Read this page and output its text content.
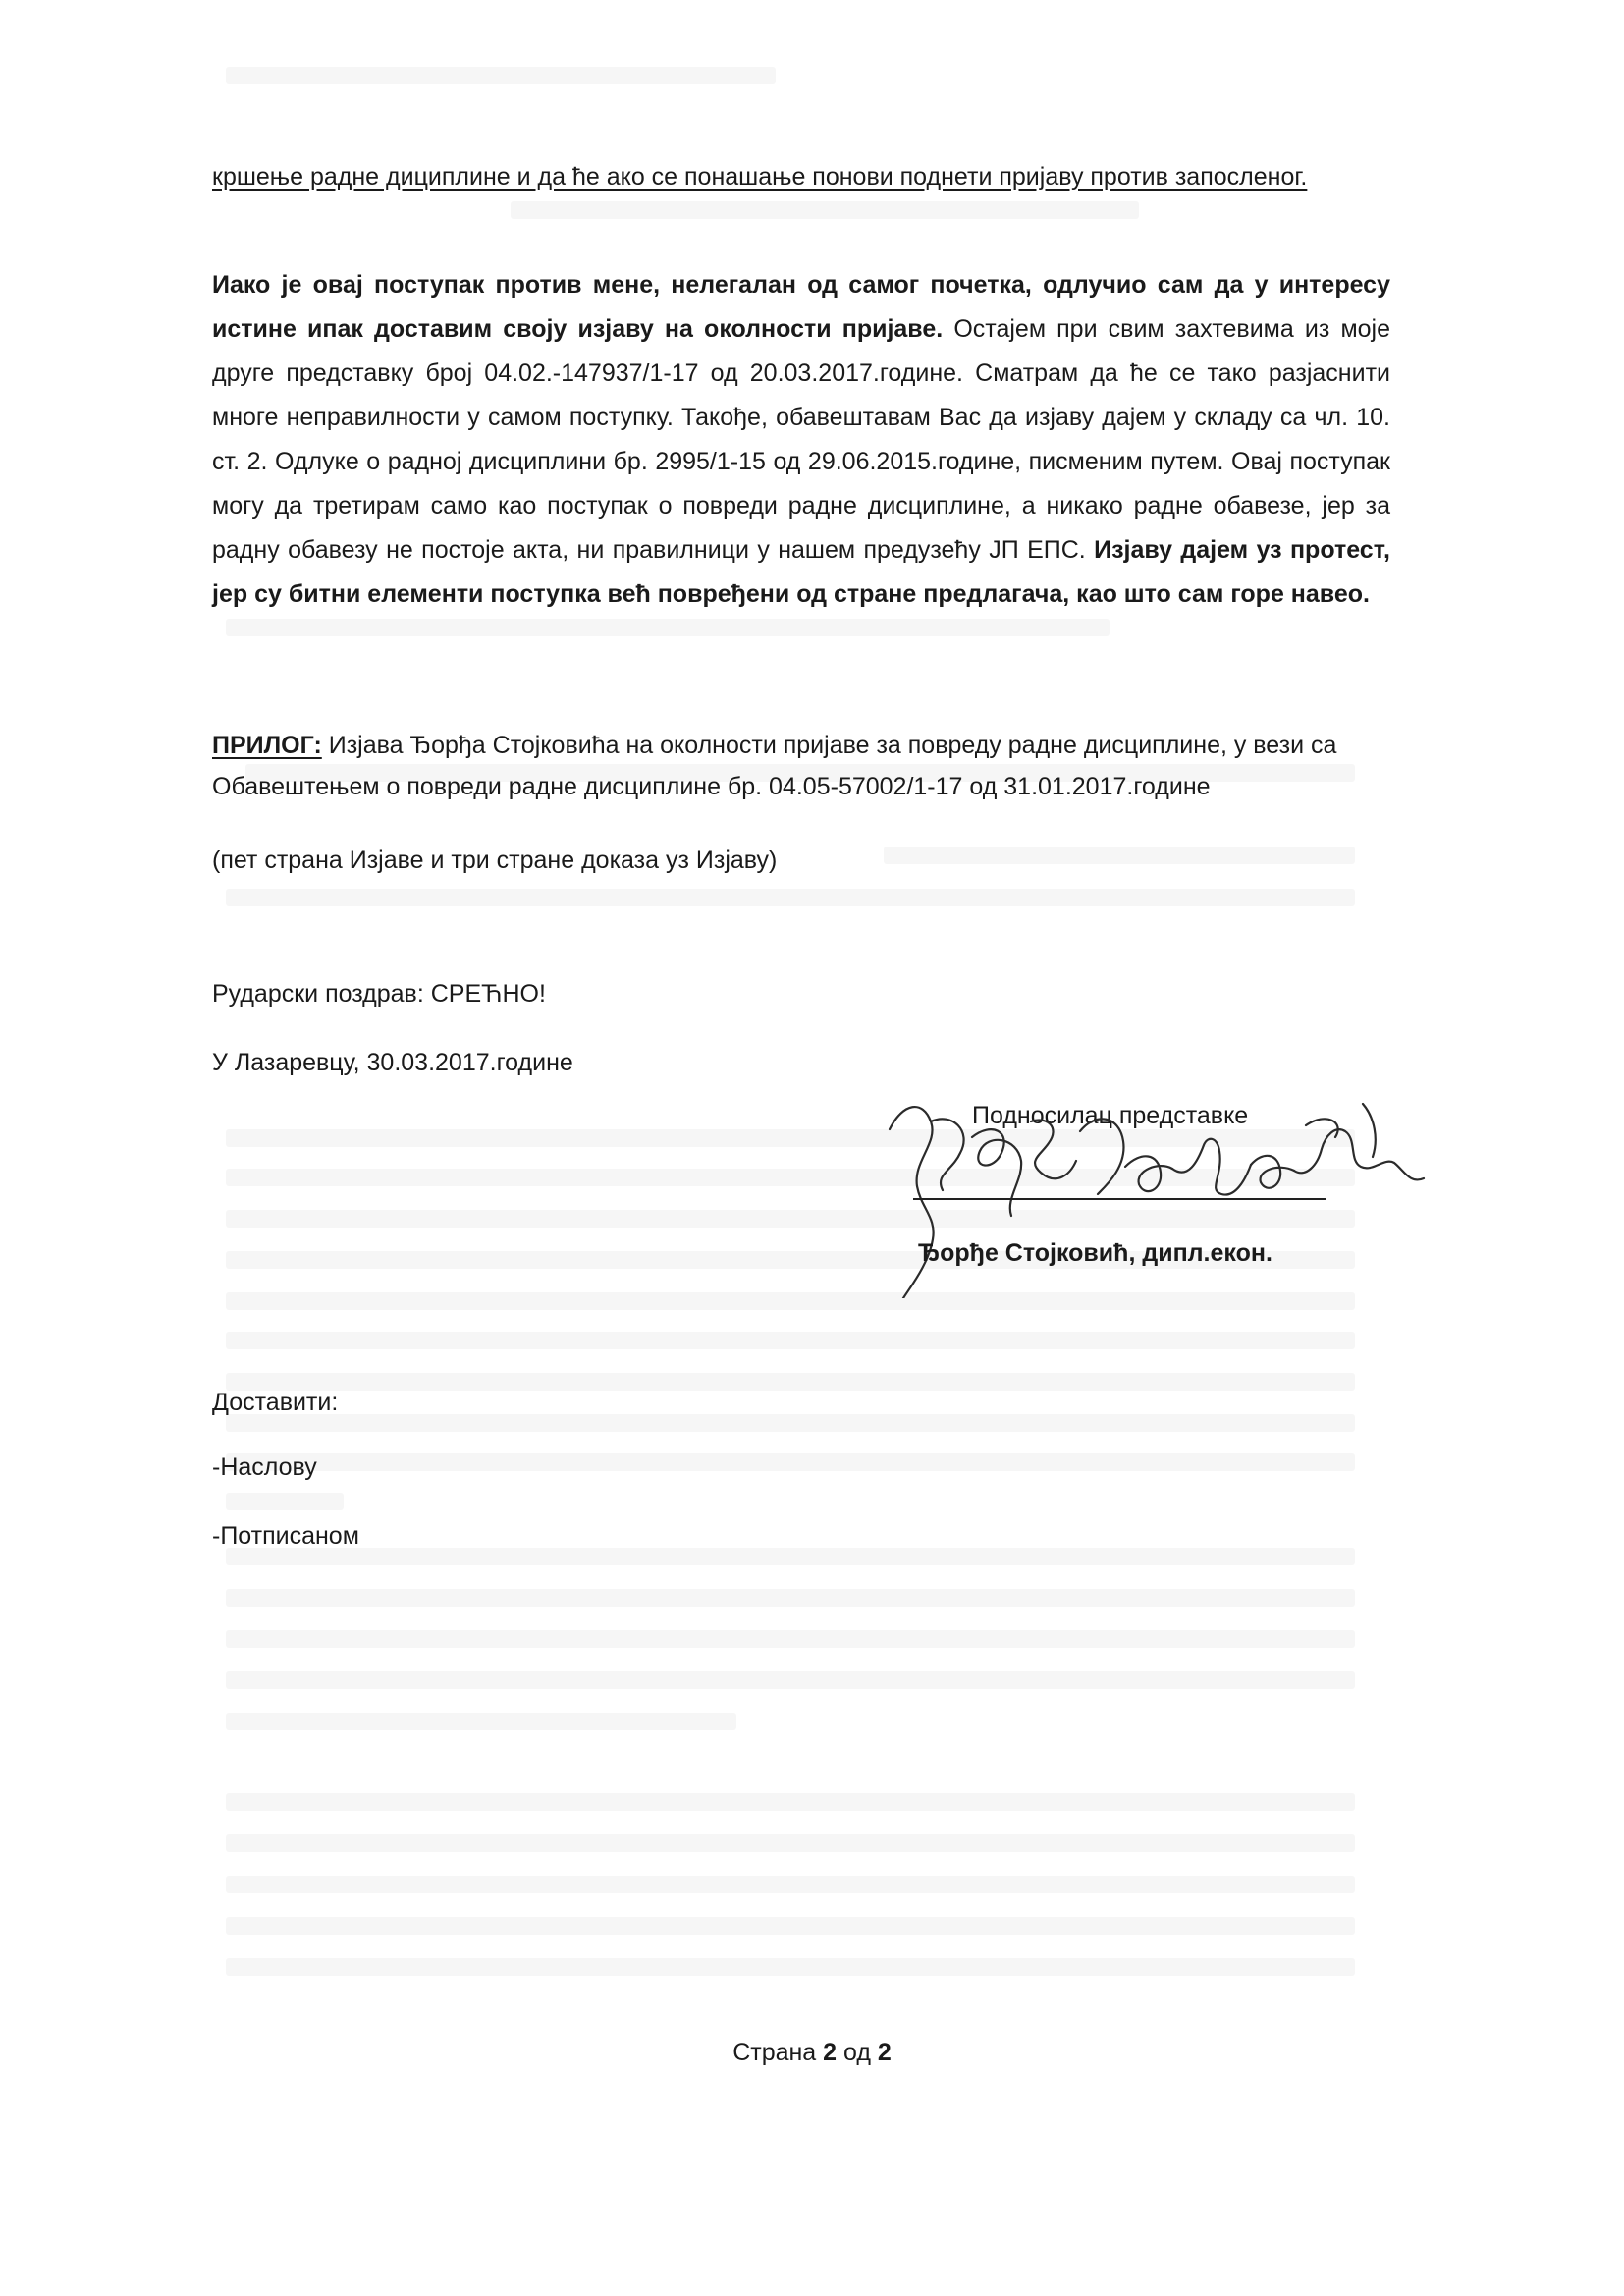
кршење радне дициплине и да ће ако се понашање понови поднети пријаву против запосленог.

Иако је овај поступак против мене, нелегалан од самог почетка, одлучио сам да у интересу истине ипак доставим своју изјаву на околности пријаве. Остајем при свим захтевима из моје друге представку број 04.02.-147937/1-17 од 20.03.2017.године. Сматрам да ће се тако разјаснити многе неправилности у самом поступку. Такође, обавештавам Вас да изјаву дајем у складу са чл. 10. ст. 2. Одлуке о радној дисциплини бр. 2995/1-15 од 29.06.2015.године, писменим путем. Овај поступак могу да третирам само као поступак о повреди радне дисциплине, а никако радне обавезе, јер за радну обавезу не постоје акта, ни правилници у нашем предузећу ЈП ЕПС. Изјаву дајем уз протест, јер су битни елементи поступка већ повређени од стране предлагача, као што сам горе навео.

ПРИЛОГ: Изјава Ђорђа Стојковића на околности пријаве за повреду радне дисциплине, у вези са Обавештењем о повреди радне дисциплине бр. 04.05-57002/1-17 од 31.01.2017.године

(пет страна Изјаве и три стране доказа уз Изјаву)
Рударски поздрав: СРЕЋНО!
У Лазаревцу, 30.03.2017.године
Подносилац представке
Ђорђе Стојковић, дипл.екон.
Доставити:
-Наслову
-Потписаном
Страна 2 од 2
